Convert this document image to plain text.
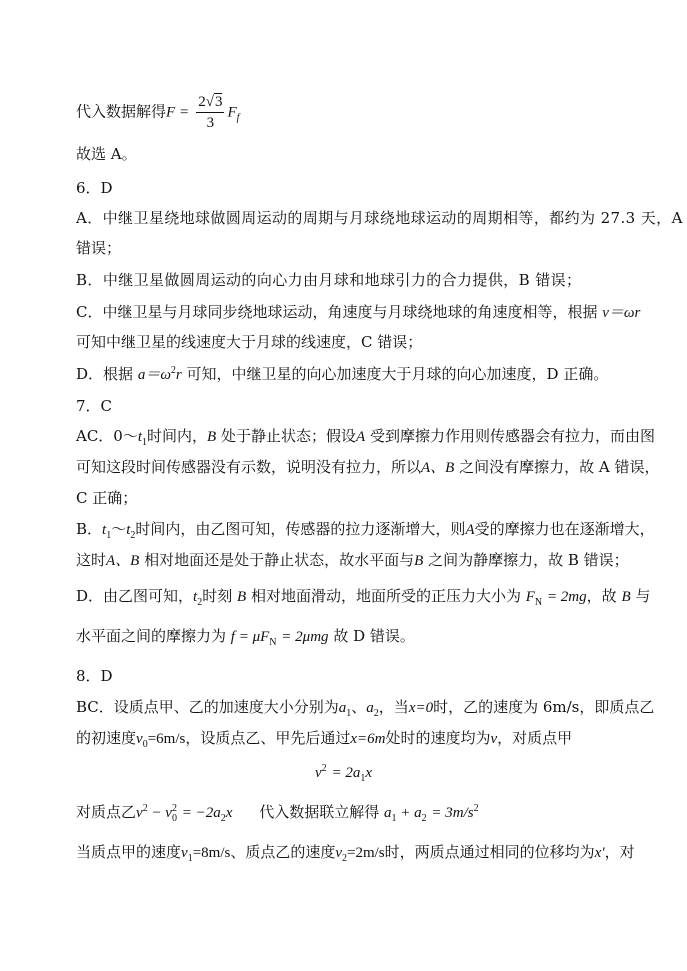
代入数据解得$F = \frac{2√3}{3} F_f$
故选 A。
6．D
A．中继卫星绕地球做圆周运动的周期与月球绕地球运动的周期相等，都约为 27.3 天，A
错误；
B．中继卫星做圆周运动的向心力由月球和地球引力的合力提供，B 错误；
C．中继卫星与月球同步绕地球运动，角速度与月球绕地球的角速度相等，根据 v＝ωr
可知中继卫星的线速度大于月球的线速度，C 错误；
D．根据 $a=\omega^2r$ 可知，中继卫星的向心加速度大于月球的向心加速度，D 正确。
7．C
AC．$0\sim t_1$时间内，B 处于静止状态；假设A 受到摩擦力作用则传感器会有拉力，而由图
可知这段时间传感器没有示数，说明没有拉力，所以A、B 之间没有摩擦力，故 A 错误，
C 正确；
B．$t_1\sim t_2$时间内，由乙图可知，传感器的拉力逐渐增大，则A受的摩擦力也在逐渐增大，
这时A、B 相对地面还是处于静止状态，故水平面与B 之间为静摩擦力，故 B 错误；
D．由乙图可知，$t_2$时刻 B 相对地面滑动，地面所受的正压力大小为 $F_N = 2mg$，故 B 与
水平面之间的摩擦力为 $f = \mu F_N = 2\mu mg$ 故 D 错误。
8．D
BC．设质点甲、乙的加速度大小分别为$a_1$、$a_2$，当x=0时，乙的速度为 6m/s，即质点乙
的初速度$v_0=6m/s$，设质点乙、甲先后通过x=6m处时的速度均为v，对质点甲
$v^2 = 2a_1x$
对质点乙$v^2 - v_0^2 = -2a_2x$ 代入数据联立解得 $a_1 + a_2 = 3m/s^2$
当质点甲的速度$v_1=8m/s$、质点乙的速度$v_2=2m/s$时，两质点通过相同的位移均为x′，对
